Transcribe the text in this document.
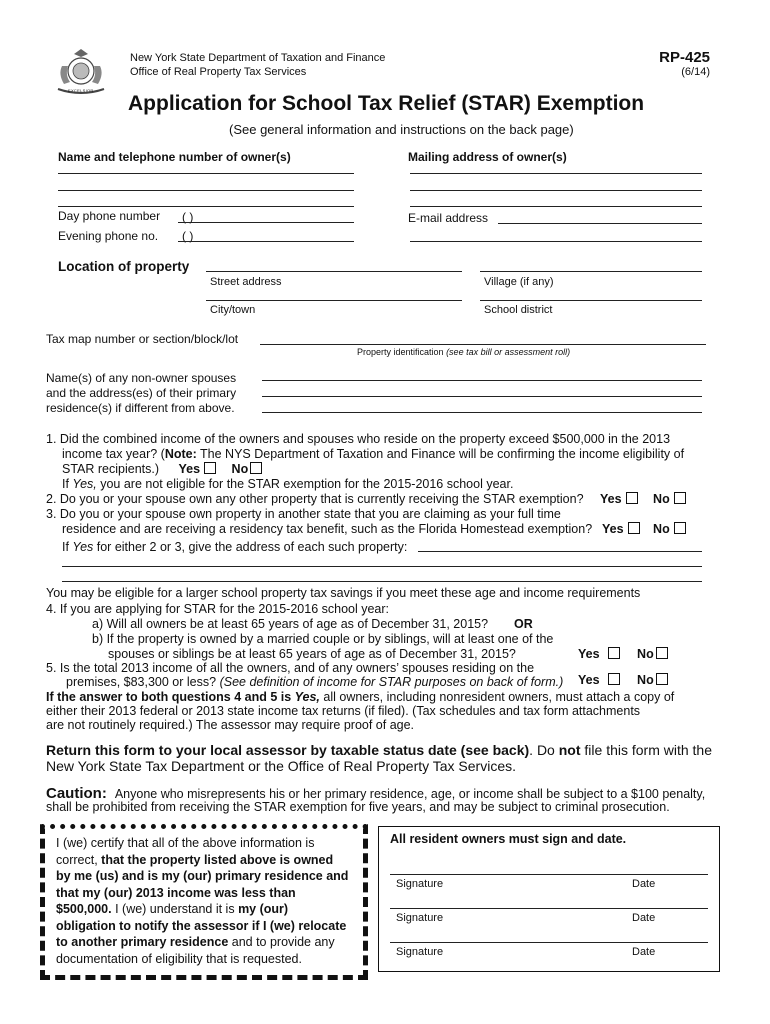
EXCELSIOR
New York State Department of Taxation and Finance
Office of Real Property Tax Services
RP-425
(6/14)
Application for School Tax Relief (STAR) Exemption
(See general information and instructions on the back page)
Name and telephone number of owner(s)	Mailing address of owner(s)
Day phone number ( )
Evening phone no. ( )
E-mail address
Location of property
Street address	Village (if any)
City/town	School district
Tax map number or section/block/lot
Property identification (see tax bill or assessment roll)
Name(s) of any non-owner spouses
and the address(es) of their primary
residence(s) if different from above.
1. Did the combined income of the owners and spouses who reside on the property exceed $500,000 in the 2013
income tax year? (Note: The NYS Department of Taxation and Finance will be confirming the income eligibility of
STAR recipients.) Yes	No
If Yes, you are not eligible for the STAR exemption for the 2015-2016 school year.
2. Do you or your spouse own any other property that is currently receiving the STAR exemption? Yes	No
3. Do you or your spouse own property in another state that you are claiming as your full time
residence and are receiving a residency tax benefit, such as the Florida Homestead exemption? Yes No
If Yes for either 2 or 3, give the address of each such property:
You may be eligible for a larger school property tax savings if you meet these age and income requirements
4. If you are applying for STAR for the 2015-2016 school year:
a) Will all owners be at least 65 years of age as of December 31, 2015? OR
b) If the property is owned by a married couple or by siblings, will at least one of the
spouses or siblings be at least 65 years of age as of December 31, 2015?	Yes	No
5. Is the total 2013 income of all the owners, and of any owners’ spouses residing on the
premises, $83,300 or less? (See definition of income for STAR purposes on back of form.) Yes	No
If the answer to both questions 4 and 5 is Yes, all owners, including nonresident owners, must attach a copy of
either their 2013 federal or 2013 state income tax returns (if filed). (Tax schedules and tax form attachments
are not routinely required.) The assessor may require proof of age.
Return this form to your local assessor by taxable status date (see back). Do not file this form with the
New York State Tax Department or the Office of Real Property Tax Services.
Caution: Anyone who misrepresents his or her primary residence, age, or income shall be subject to a $100 penalty,
shall be prohibited from receiving the STAR exemption for five years, and may be subject to criminal prosecution.
I (we) certify that all of the above information is
correct, that the property listed above is owned
by me (us) and is my (our) primary residence and
that my (our) 2013 income was less than
$500,000. I (we) understand it is my (our)
obligation to notify the assessor if I (we) relocate
to another primary residence and to provide any
documentation of eligibility that is requested.
All resident owners must sign and date.
Signature	Date
Signature	Date
Signature	Date
